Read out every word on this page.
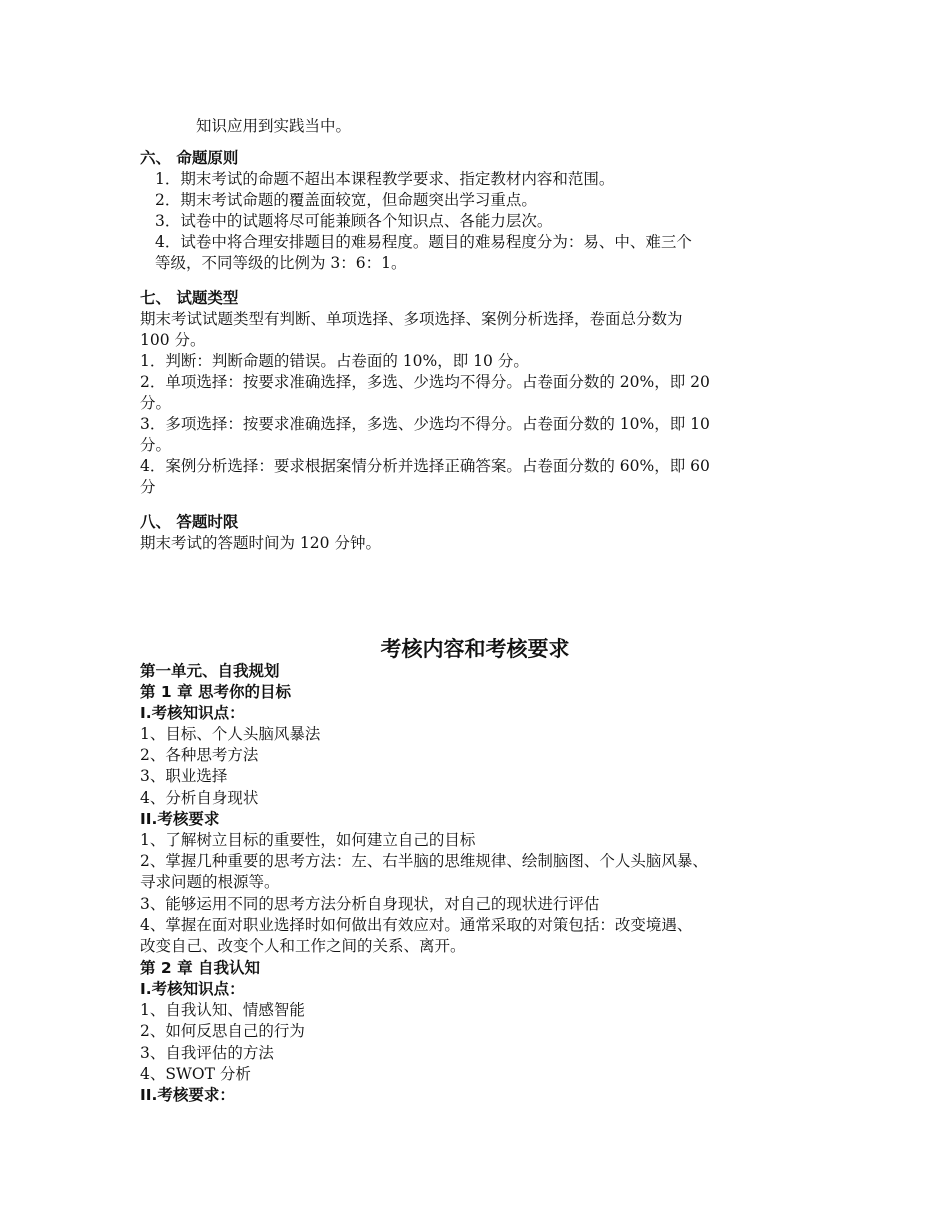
知识应用到实践当中。
六、 命题原则
1．期末考试的命题不超出本课程教学要求、指定教材内容和范围。
2．期末考试命题的覆盖面较宽，但命题突出学习重点。
3．试卷中的试题将尽可能兼顾各个知识点、各能力层次。
4．试卷中将合理安排题目的难易程度。题目的难易程度分为：易、中、难三个
等级，不同等级的比例为 3：6：1。
七、 试题类型
期末考试试题类型有判断、单项选择、多项选择、案例分析选择，卷面总分数为
100 分。
1．判断：判断命题的错误。占卷面的 10%，即 10 分。
2．单项选择：按要求准确选择，多选、少选均不得分。占卷面分数的 20%，即 20
分。
3．多项选择：按要求准确选择，多选、少选均不得分。占卷面分数的 10%，即 10
分。
4．案例分析选择：要求根据案情分析并选择正确答案。占卷面分数的 60%，即 60
分
八、 答题时限
期末考试的答题时间为 120 分钟。
考核内容和考核要求
第一单元、自我规划
第 1 章 思考你的目标
I.考核知识点：
1、目标、个人头脑风暴法
2、各种思考方法
3、职业选择
4、分析自身现状
II.考核要求
1、了解树立目标的重要性，如何建立自己的目标
2、掌握几种重要的思考方法：左、右半脑的思维规律、绘制脑图、个人头脑风暴、
寻求问题的根源等。
3、能够运用不同的思考方法分析自身现状，对自己的现状进行评估
4、掌握在面对职业选择时如何做出有效应对。通常采取的对策包括：改变境遇、
改变自己、改变个人和工作之间的关系、离开。
第 2 章 自我认知
I.考核知识点：
1、自我认知、情感智能
2、如何反思自己的行为
3、自我评估的方法
4、SWOT 分析
II.考核要求：
